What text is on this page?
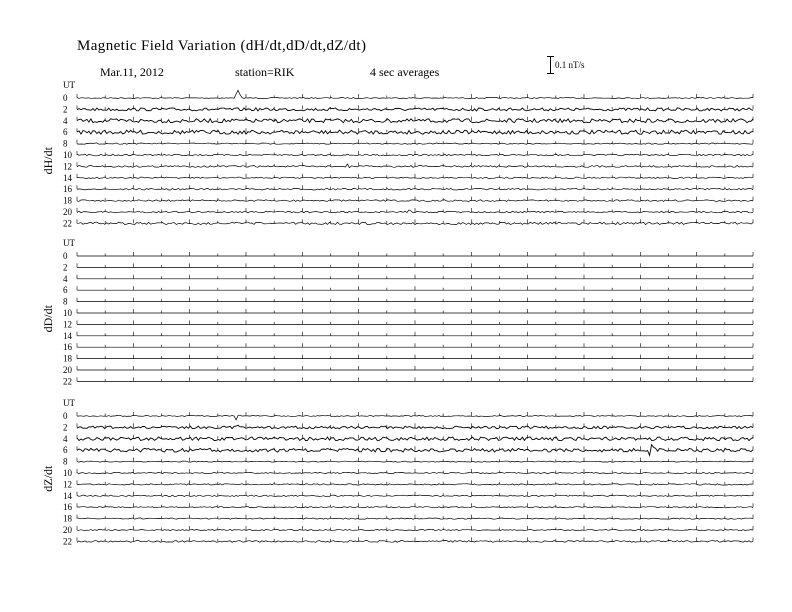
Magnetic Field Variation (dH/dt,dD/dt,dZ/dt)
Mar.11, 2012	station=RIK	4 sec averages	0.1 nT/s
UT
dH/dt
0
2
4
6
8
10
12
14
16
18
20
22
UT
dD/dt
0
2
4
6
8
10
12
14
16
18
20
22
UT
dZ/dt
0
2
4
6
8
10
12
14
16
18
20
22
